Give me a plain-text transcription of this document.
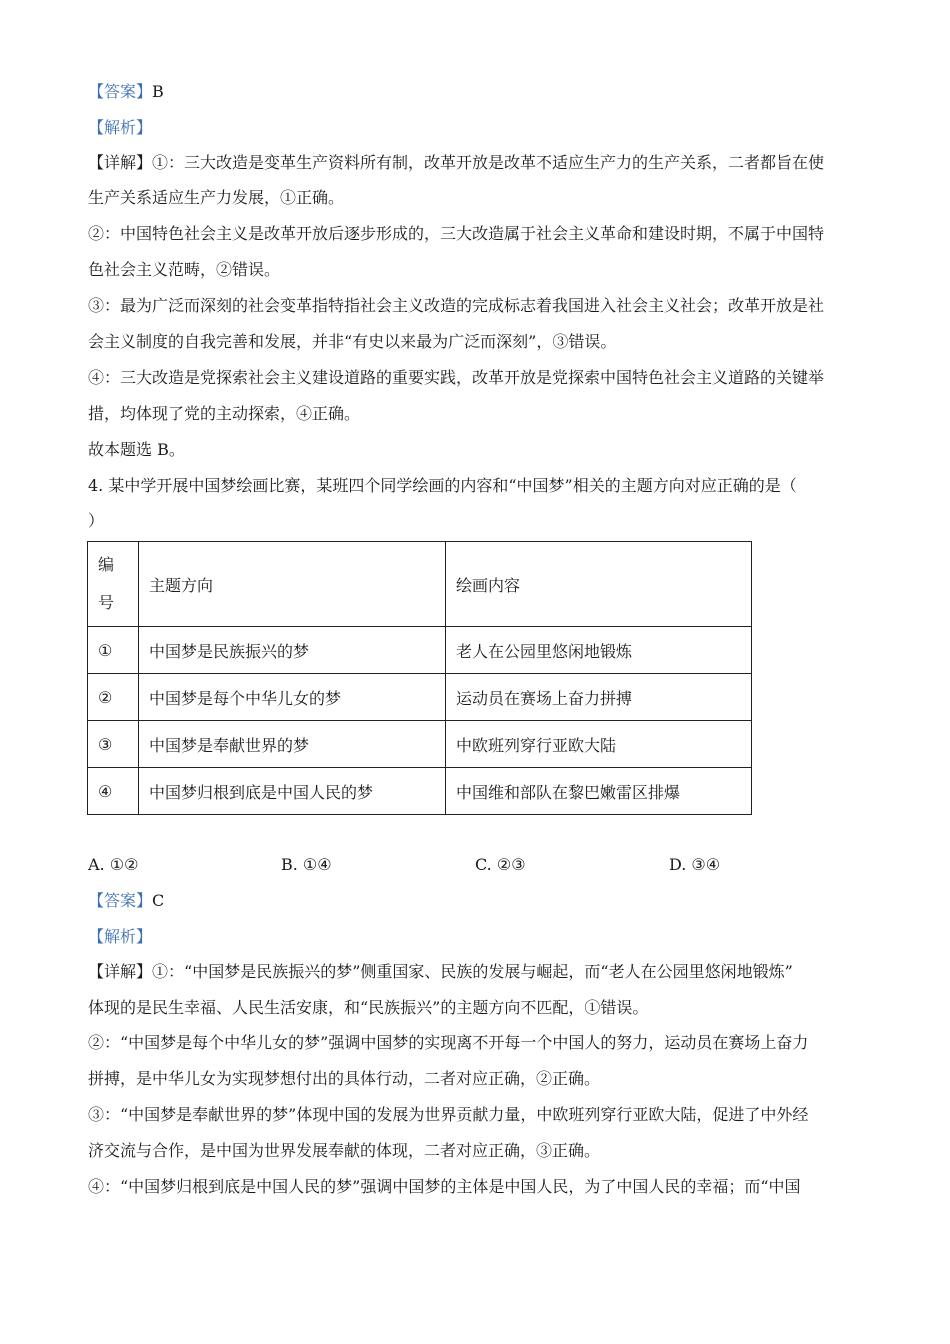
【答案】B
【解析】
【详解】①：三大改造是变革生产资料所有制，改革开放是改革不适应生产力的生产关系，二者都旨在使
生产关系适应生产力发展，①正确。
②：中国特色社会主义是改革开放后逐步形成的，三大改造属于社会主义革命和建设时期，不属于中国特
色社会主义范畴，②错误。
③：最为广泛而深刻的社会变革指特指社会主义改造的完成标志着我国进入社会主义社会；改革开放是社
会主义制度的自我完善和发展，并非“有史以来最为广泛而深刻”，③错误。
④：三大改造是党探索社会主义建设道路的重要实践，改革开放是党探索中国特色社会主义道路的关键举
措，均体现了党的主动探索，④正确。
故本题选 B。
4. 某中学开展中国梦绘画比赛，某班四个同学绘画的内容和“中国梦”相关的主题方向对应正确的是（
）
编
号	主题方向	绘画内容
①	中国梦是民族振兴的梦	老人在公园里悠闲地锻炼
②	中国梦是每个中华儿女的梦	运动员在赛场上奋力拼搏
③	中国梦是奉献世界的梦	中欧班列穿行亚欧大陆
④	中国梦归根到底是中国人民的梦	中国维和部队在黎巴嫩雷区排爆
A. ①②	B. ①④	C. ②③	D. ③④
【答案】C
【解析】
【详解】①：“中国梦是民族振兴的梦”侧重国家、民族的发展与崛起，而“老人在公园里悠闲地锻炼”
体现的是民生幸福、人民生活安康，和“民族振兴”的主题方向不匹配，①错误。
②：“中国梦是每个中华儿女的梦”强调中国梦的实现离不开每一个中国人的努力，运动员在赛场上奋力
拼搏，是中华儿女为实现梦想付出的具体行动，二者对应正确，②正确。
③：“中国梦是奉献世界的梦”体现中国的发展为世界贡献力量，中欧班列穿行亚欧大陆，促进了中外经
济交流与合作，是中国为世界发展奉献的体现，二者对应正确，③正确。
④：“中国梦归根到底是中国人民的梦”强调中国梦的主体是中国人民，为了中国人民的幸福；而“中国
